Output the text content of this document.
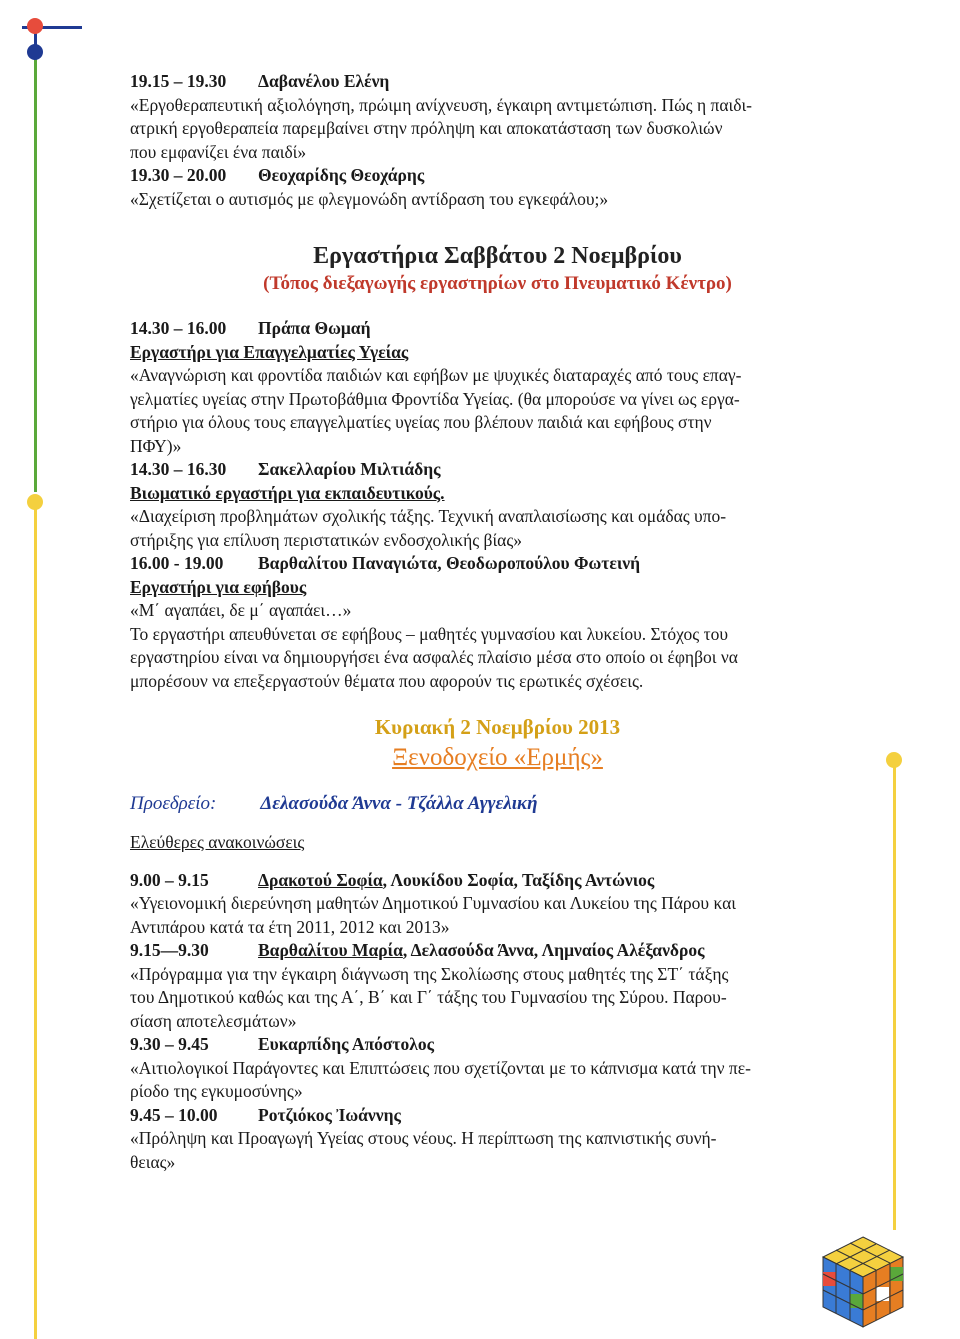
19.15 – 19.30 Δαβανέλου Ελένη
«Εργοθεραπευτική αξιολόγηση, πρώιμη ανίχνευση, έγκαιρη αντιμετώπιση. Πώς η παιδι-
ατρική εργοθεραπεία παρεμβαίνει στην πρόληψη και αποκατάσταση των δυσκολιών
που εμφανίζει ένα παιδί»
19.30 – 20.00 Θεοχαρίδης Θεοχάρης
«Σχετίζεται ο αυτισμός με φλεγμονώδη αντίδραση του εγκεφάλου;»
Εργαστήρια Σαββάτου 2 Νοεμβρίου
(Τόπος διεξαγωγής εργαστηρίων στο Πνευματικό Κέντρο)
14.30 – 16.00 Πράπα Θωμαή
Εργαστήρι για Επαγγελματίες Υγείας
«Αναγνώριση και φροντίδα παιδιών και εφήβων με ψυχικές διαταραχές από τους επαγ-
γελματίες υγείας στην Πρωτοβάθμια Φροντίδα Υγείας. (θα μπορούσε να γίνει ως εργα-
στήριο για όλους τους επαγγελματίες υγείας που βλέπουν παιδιά και εφήβους στην
ΠΦΥ)»
14.30 – 16.30 Σακελλαρίου Μιλτιάδης
Βιωματικό εργαστήρι για εκπαιδευτικούς.
«Διαχείριση προβλημάτων σχολικής τάξης. Τεχνική αναπλαισίωσης και ομάδας υπο-
στήριξης για επίλυση περιστατικών ενδοσχολικής βίας»
16.00 - 19.00 Βαρθαλίτου Παναγιώτα, Θεοδωροπούλου Φωτεινή
Εργαστήρι για εφήβους
«Μ΄ αγαπάει, δε μ΄ αγαπάει…»
Το εργαστήρι απευθύνεται σε εφήβους – μαθητές γυμνασίου και λυκείου. Στόχος του
εργαστηρίου είναι να δημιουργήσει ένα ασφαλές πλαίσιο μέσα στο οποίο οι έφηβοι να
μπορέσουν να επεξεργαστούν θέματα που αφορούν τις ερωτικές σχέσεις.
Κυριακή 2 Νοεμβρίου 2013
Ξενοδοχείο «Ερμής»
Προεδρείο: Δελασούδα Άννα - Τζάλλα Αγγελική
Ελεύθερες ανακοινώσεις
9.00 – 9.15	Δρακοτού Σοφία, Λουκίδου Σοφία, Ταξίδης Αντώνιος
«Υγειονομική διερεύνηση μαθητών Δημοτικού Γυμνασίου και Λυκείου της Πάρου και
Αντιπάρου κατά τα έτη 2011, 2012 και 2013»
9.15—9.30	Βαρθαλίτου Μαρία, Δελασούδα Άννα, Λημναίος Αλέξανδρος
«Πρόγραμμα για την έγκαιρη διάγνωση της Σκολίωσης στους μαθητές της ΣΤ΄ τάξης
του Δημοτικού καθώς και της Α΄, Β΄ και Γ΄ τάξης του Γυμνασίου της Σύρου. Παρου-
σίαση αποτελεσμάτων»
9.30 – 9.45	Ευκαρπίδης Απόστολος
«Αιτιολογικοί Παράγοντες και Επιπτώσεις που σχετίζονται με το κάπνισμα κατά την πε-
ρίοδο της εγκυμοσύνης»
9.45 – 10.00 Ροτζιόκος Ἰωάννης
«Πρόληψη και Προαγωγή Υγείας στους νέους. Η περίπτωση της καπνιστικής συνή-
θειας»
